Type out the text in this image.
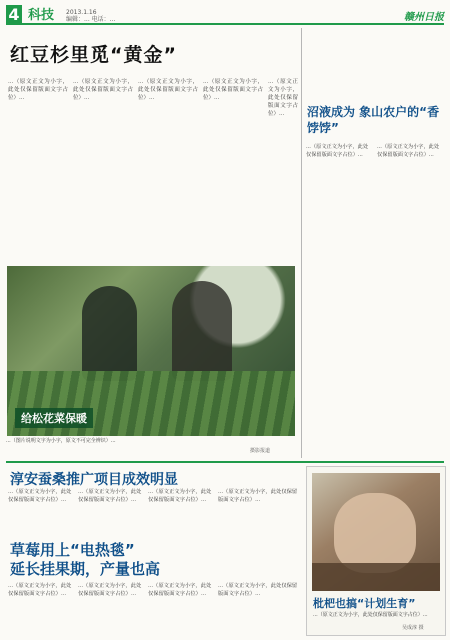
4 科技 2013.1.16
编辑：... 电话：...	赣州日报
红豆杉里觅“黄金”
...（原文正文为小字，此处仅保留版面文字占位）...
...（原文正文为小字，此处仅保留版面文字占位）...
...（原文正文为小字，此处仅保留版面文字占位）...
...（原文正文为小字，此处仅保留版面文字占位）...
...（原文正文为小字，此处仅保留版面文字占位）...	沼液成为 象山农户的“香饽饽”
...（原文正文为小字，此处仅保留版面文字占位）...
...（原文正文为小字，此处仅保留版面文字占位）...
给松花菜保暖
...（图片说明文字为小字，原文不可完全辨识）...
摄影报道
淳安蚕桑推广项目成效明显
...（原文正文为小字，此处仅保留版面文字占位）...
...（原文正文为小字，此处仅保留版面文字占位）...
...（原文正文为小字，此处仅保留版面文字占位）...
...（原文正文为小字，此处仅保留版面文字占位）...
草莓用上“电热毯”
延长挂果期，产量也高
...（原文正文为小字，此处仅保留版面文字占位）...
...（原文正文为小字，此处仅保留版面文字占位）...
...（原文正文为小字，此处仅保留版面文字占位）...
...（原文正文为小字，此处仅保留版面文字占位）...
枇杷也搞“计划生育”
...（原文正文为小字，此处仅保留版面文字占位）...
吴成淳 摄
